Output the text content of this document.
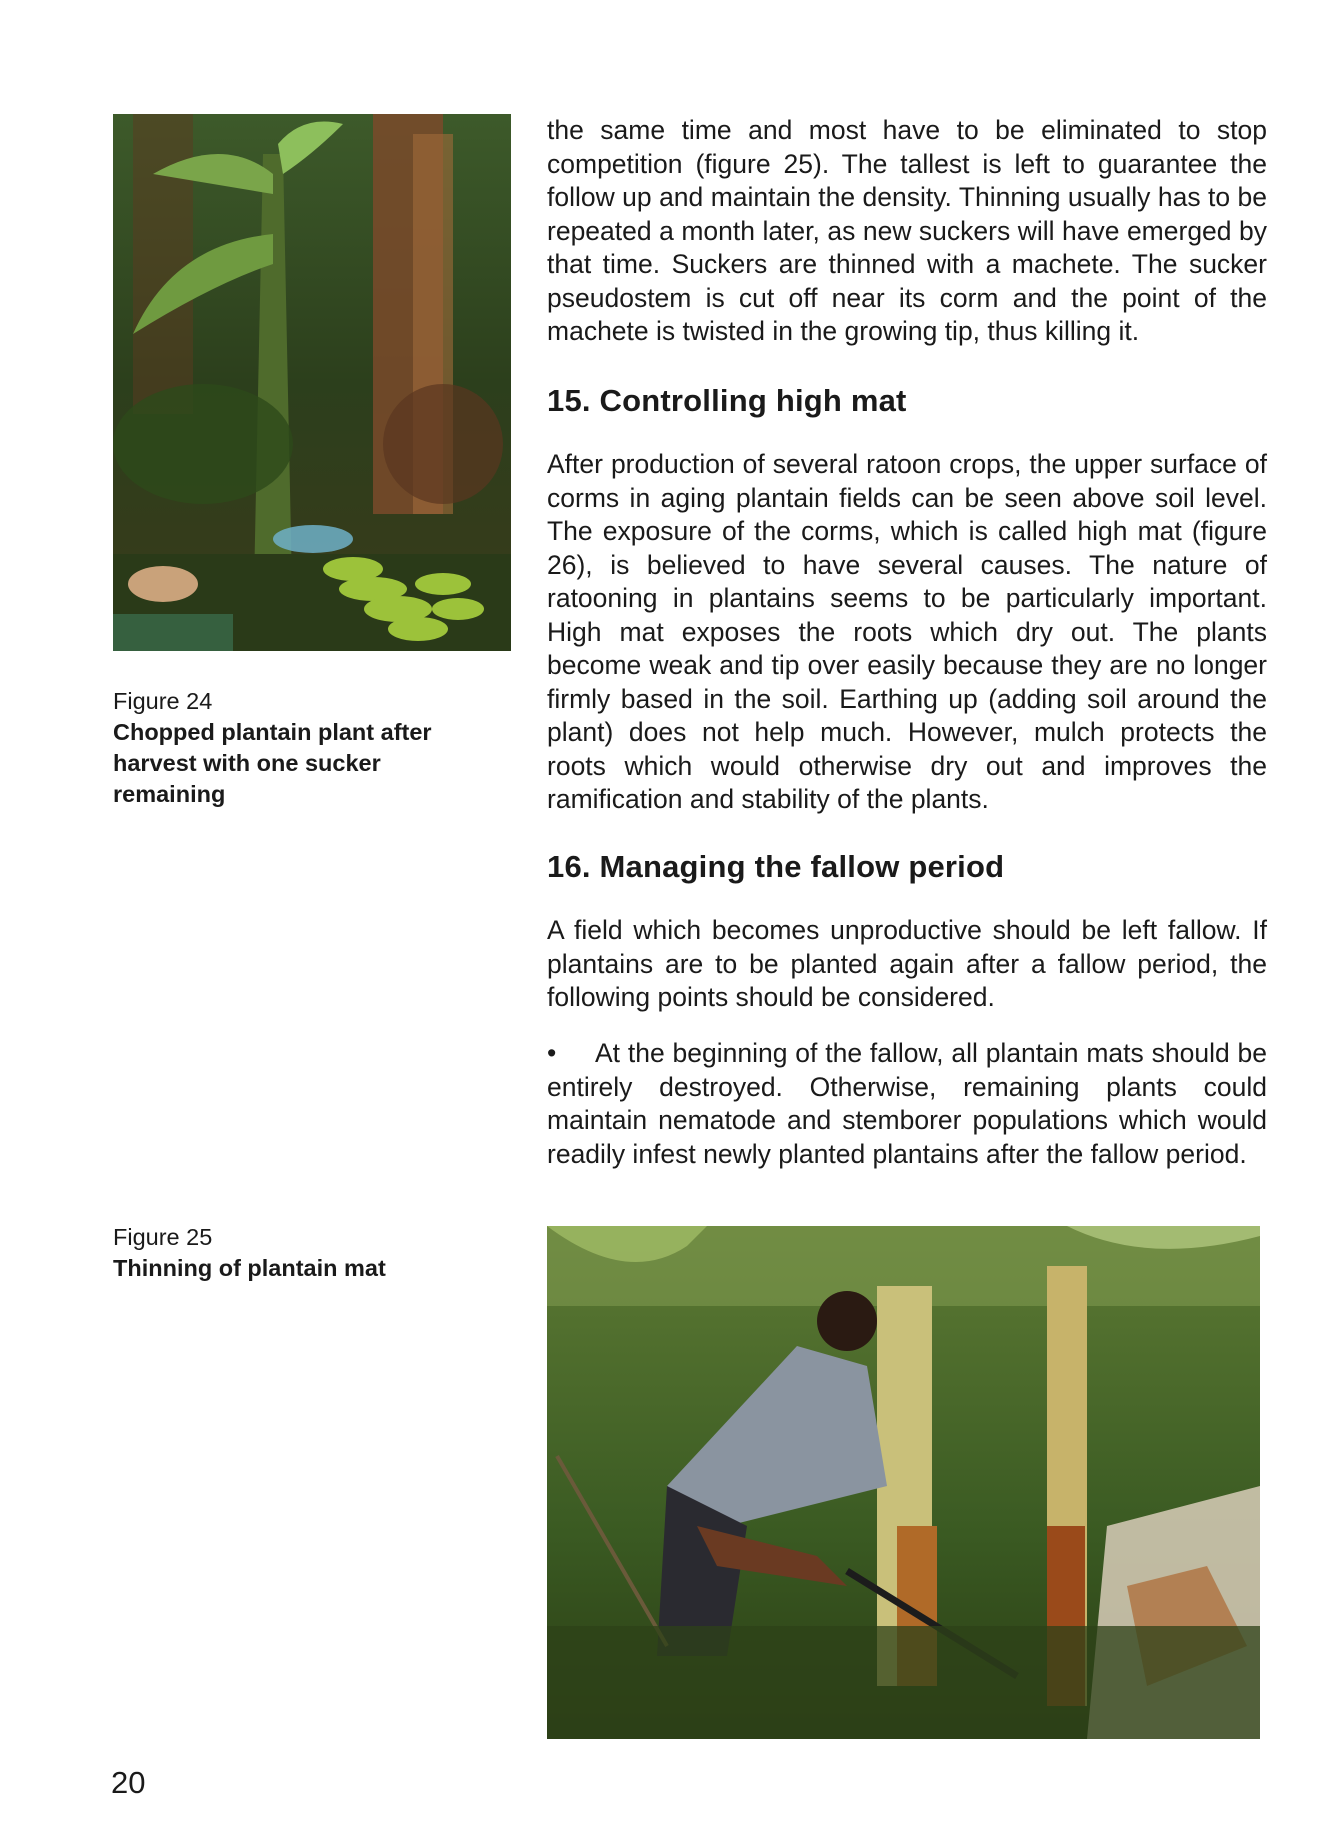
Figure 24
Chopped plantain plant after harvest with one sucker remaining
Figure 25
Thinning of plantain mat

the same time and most have to be eliminated to stop competition (figure 25). The tallest is left to guarantee the follow up and maintain the density. Thinning usually has to be repeated a month later, as new suckers will have emerged by that time. Suckers are thinned with a machete. The sucker pseudostem is cut off near its corm and the point of the machete is twisted in the growing tip, thus killing it.

15. Controlling high mat

After production of several ratoon crops, the upper surface of corms in aging plantain fields can be seen above soil level. The exposure of the corms, which is called high mat (figure 26), is believed to have several causes. The nature of ratooning in plantains seems to be particularly important. High mat exposes the roots which dry out. The plants become weak and tip over easily because they are no longer firmly based in the soil. Earthing up (adding soil around the plant) does not help much. However, mulch protects the roots which would otherwise dry out and improves the ramification and stability of the plants.

16. Managing the fallow period

A field which becomes unproductive should be left fallow. If plantains are to be planted again after a fallow period, the following points should be considered.

• At the beginning of the fallow, all plantain mats should be entirely destroyed. Otherwise, remaining plants could maintain nematode and stemborer populations which would readily infest newly planted plantains after the fallow period.

20
